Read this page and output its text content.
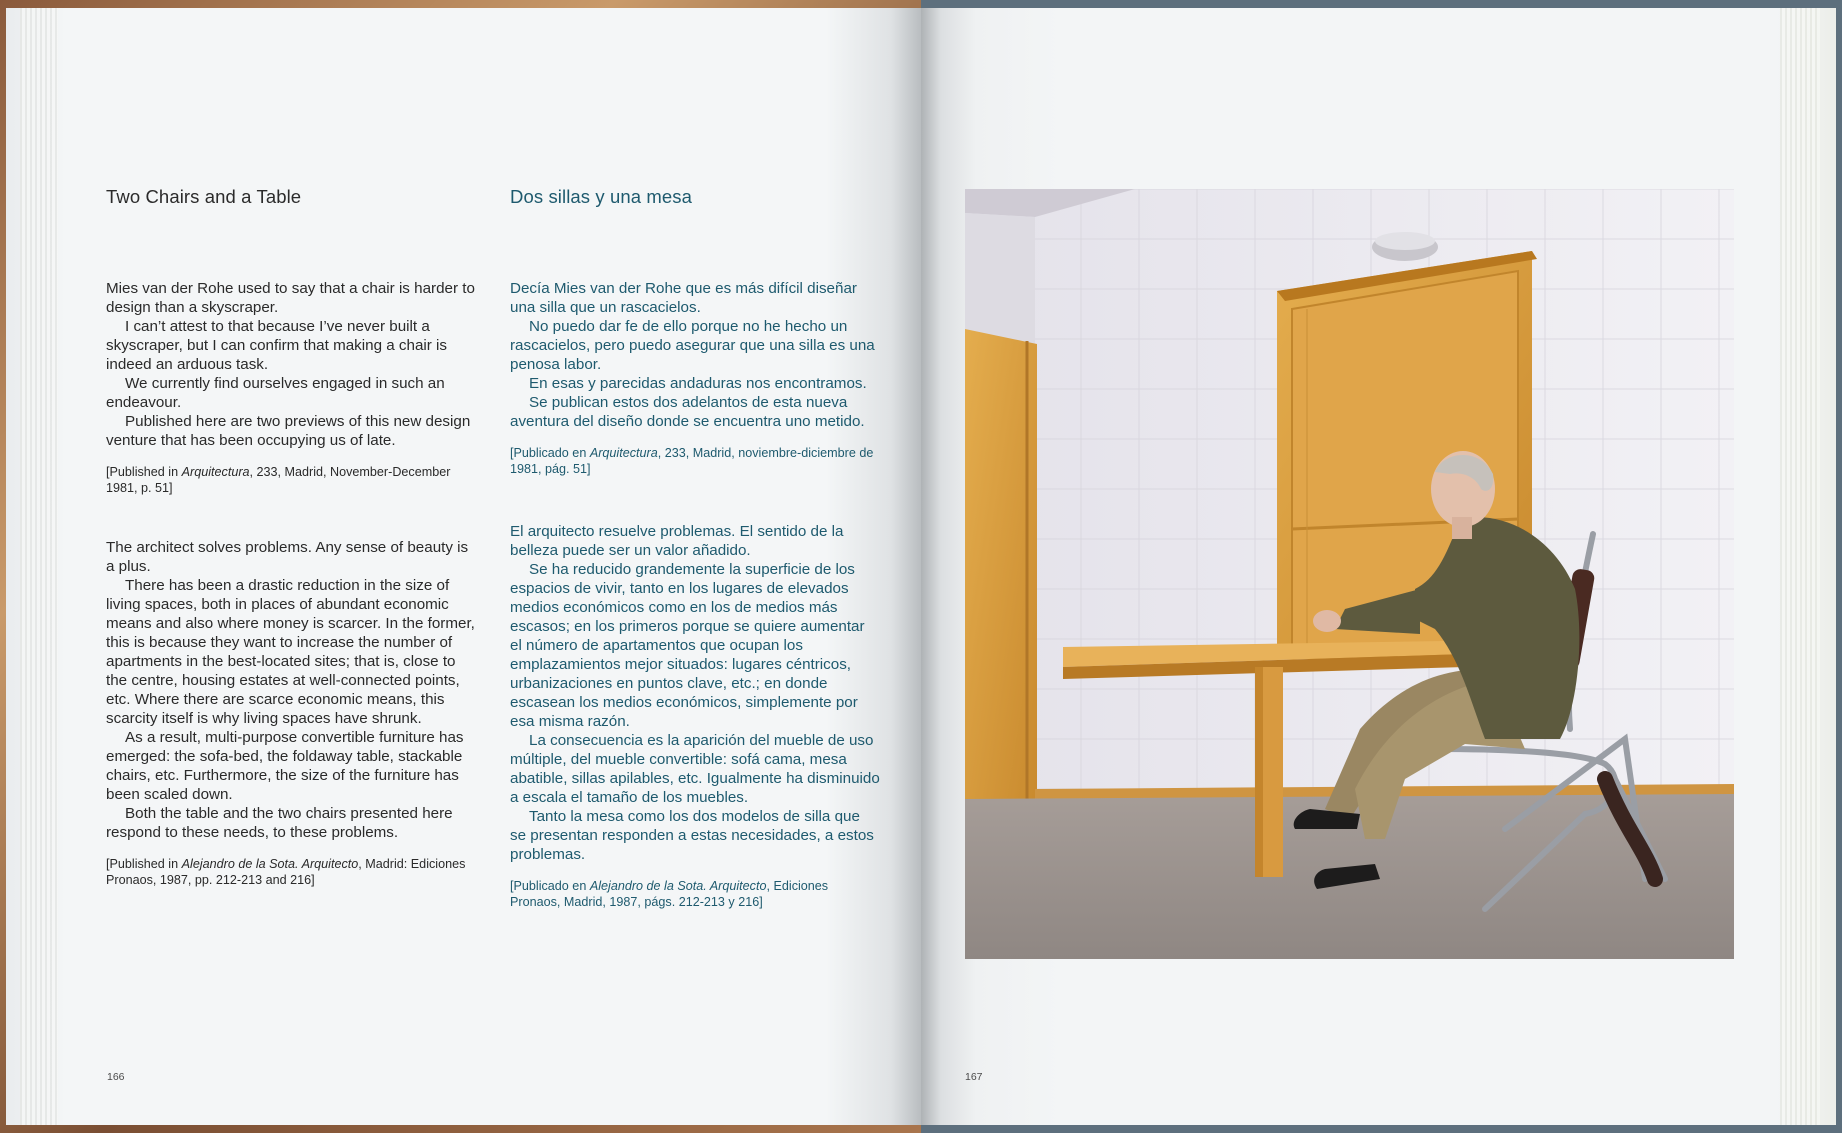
Two Chairs and a Table	Dos sillas y una mesa

Mies van der Rohe used to say that a chair is harder to design than a skyscraper.

I can’t attest to that because I’ve never built a skyscraper, but I can confirm that making a chair is indeed an arduous task.

We currently find ourselves engaged in such an endeavour.

Published here are two previews of this new design venture that has been occupying us of late.

[Published in Arquitectura, 233, Madrid, November-December 1981, p. 51]

The architect solves problems. Any sense of beauty is a plus.

There has been a drastic reduction in the size of living spaces, both in places of abundant economic means and also where money is scarcer. In the former, this is because they want to increase the number of apartments in the best-located sites; that is, close to the centre, housing estates at well-connected points, etc. Where there are scarce economic means, this scarcity itself is why living spaces have shrunk.

As a result, multi-purpose convertible furniture has emerged: the sofa-bed, the foldaway table, stackable chairs, etc. Furthermore, the size of the furniture has been scaled down.

Both the table and the two chairs presented here respond to these needs, to these problems.

[Published in Alejandro de la Sota. Arquitecto, Madrid: Ediciones Pronaos, 1987, pp. 212-213 and 216]

Decía Mies van der Rohe que es más difícil diseñar una silla que un rascacielos.

No puedo dar fe de ello porque no he hecho un rascacielos, pero puedo asegurar que una silla es una penosa labor.

En esas y parecidas andaduras nos encontramos.

Se publican estos dos adelantos de esta nueva aventura del diseño donde se encuentra uno metido.

[Publicado en Arquitectura, 233, Madrid, noviembre-diciembre de 1981, pág. 51]

El arquitecto resuelve problemas. El sentido de la belleza puede ser un valor añadido.

Se ha reducido grandemente la superficie de los espacios de vivir, tanto en los lugares de elevados medios económicos como en los de medios más escasos; en los primeros porque se quiere aumentar el número de apartamentos que ocupan los emplazamientos mejor situados: lugares céntricos, urbanizaciones en puntos clave, etc.; en donde escasean los medios económicos, simplemente por esa misma razón.

La consecuencia es la aparición del mueble de uso múltiple, del mueble convertible: sofá cama, mesa abatible, sillas apilables, etc. Igualmente ha disminuido a escala el tamaño de los muebles.

Tanto la mesa como los dos modelos de silla que se presentan responden a estas necesidades, a estos problemas.

[Publicado en Alejandro de la Sota. Arquitecto, Ediciones Pronaos, Madrid, 1987, págs. 212-213 y 216]

166	167
